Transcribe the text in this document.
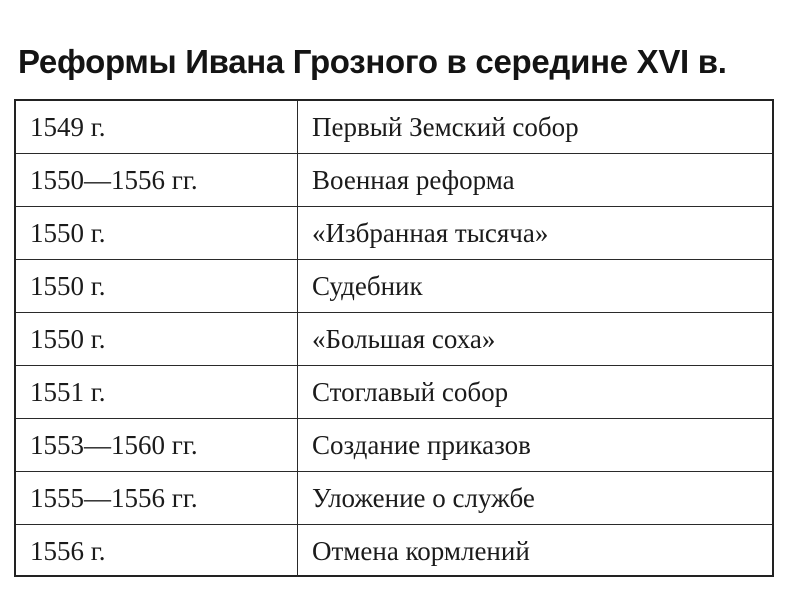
Реформы Ивана Грозного в середине XVI в.
1549 г.	Первый Земский собор
1550—1556 гг.	Военная реформа
1550 г.	«Избранная тысяча»
1550 г.	Судебник
1550 г.	«Большая соха»
1551 г.	Стоглавый собор
1553—1560 гг.	Создание приказов
1555—1556 гг.	Уложение о службе
1556 г.	Отмена кормлений
